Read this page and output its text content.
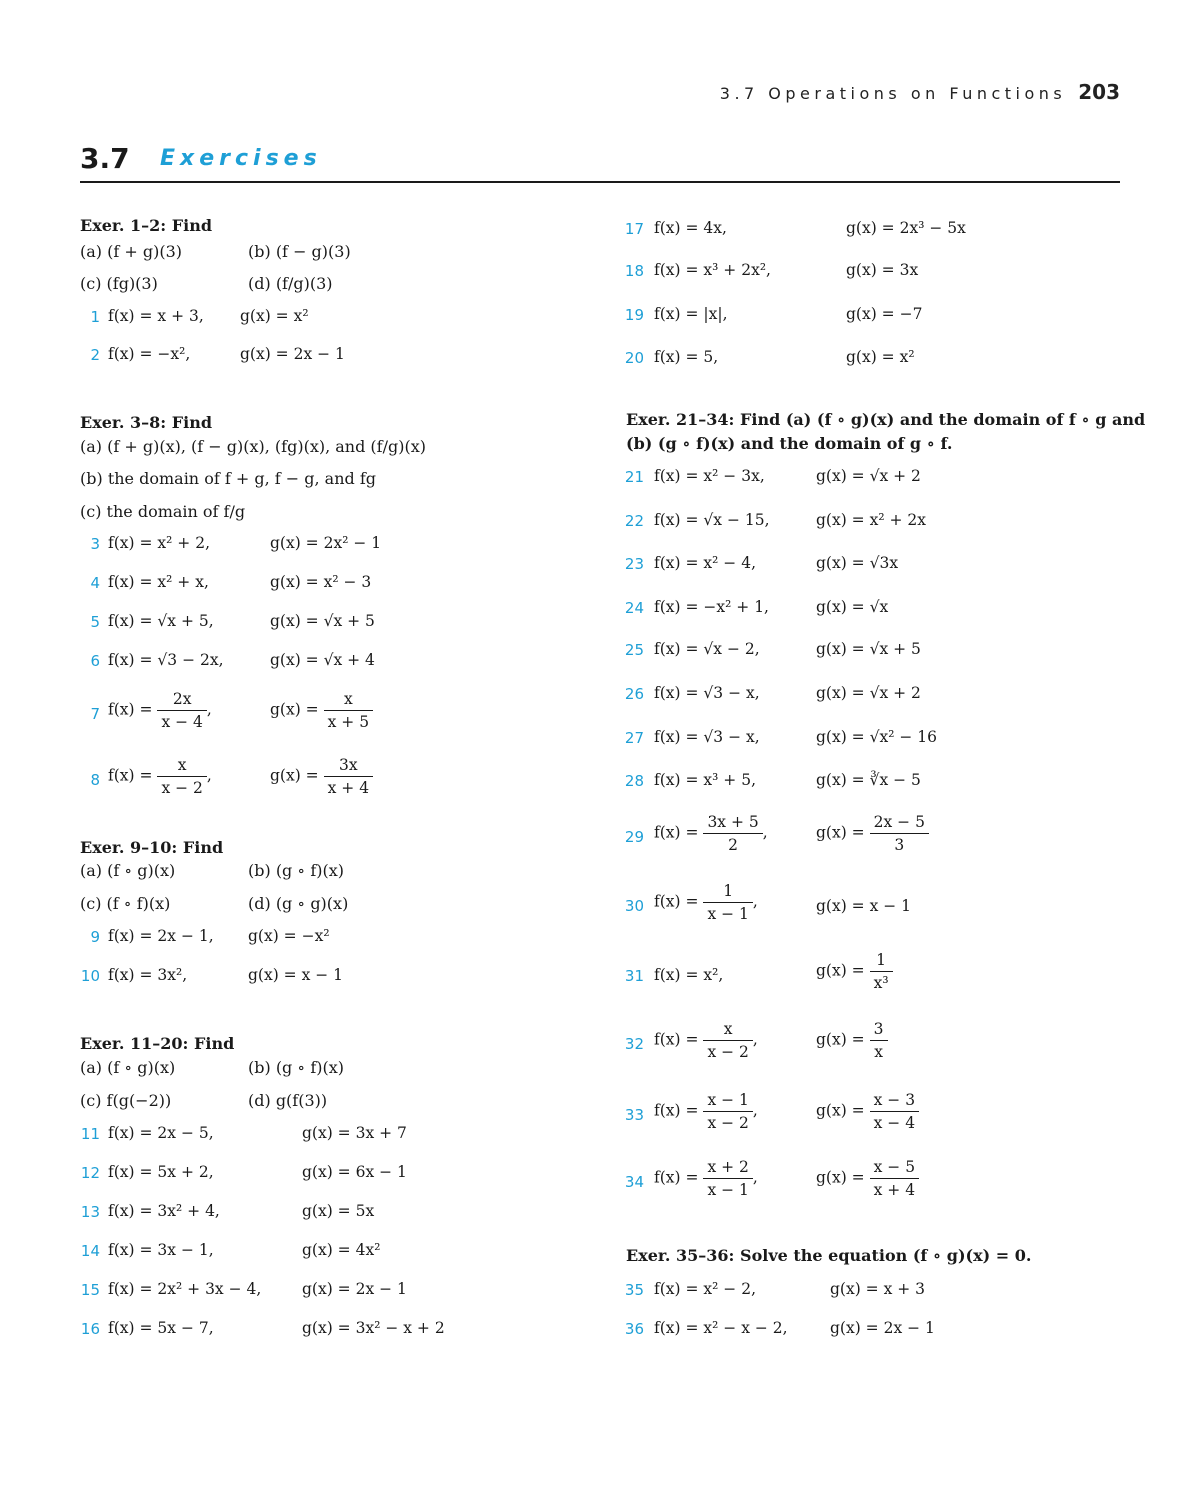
3.7 Operations on Functions 203
3.7 Exercises
Exer. 1–2: Find
(a) (f + g)(3)	(b) (f − g)(3)
(c) (fg)(3)	(d) (f/g)(3)
1 f(x) = x + 3, g(x) = x²
2 f(x) = −x²,	g(x) = 2x − 1
Exer. 3–8: Find
(a) (f + g)(x), (f − g)(x), (fg)(x), and (f/g)(x)
(b) the domain of f + g, f − g, and fg
(c) the domain of f/g
3 f(x) = x² + 2,	g(x) = 2x² − 1
4 f(x) = x² + x,	g(x) = x² − 3
5 f(x) = √x + 5,	g(x) = √x + 5
6 f(x) = √3 − 2x,	g(x) = √x + 4
7 $f(x) = \frac{2x}{x - 4}$ ,	$g(x) = \frac{x}{x + 5}$
8 $f(x) = \frac{x}{x - 2}$ ,	$g(x) = \frac{3x}{x + 4}$
Exer. 9–10: Find
(a) (f ∘ g)(x)	(b) (g ∘ f)(x)
(c) (f ∘ f)(x)	(d) (g ∘ g)(x)
9 f(x) = 2x − 1, g(x) = −x²
10 f(x) = 3x²,	g(x) = x − 1
Exer. 11–20: Find
(a) (f ∘ g)(x)	(b) (g ∘ f)(x)
(c) f(g(−2))	(d) g(f(3))
11 f(x) = 2x − 5,	g(x) = 3x + 7
12 f(x) = 5x + 2,	g(x) = 6x − 1
13 f(x) = 3x² + 4,	g(x) = 5x
14 f(x) = 3x − 1,	g(x) = 4x²
15 f(x) = 2x² + 3x − 4,	g(x) = 2x − 1
16 f(x) = 5x − 7,	g(x) = 3x² − x + 2
17 f(x) = 4x,	g(x) = 2x³ − 5x
18 f(x) = x³ + 2x²,	g(x) = 3x
19 f(x) = |x|,	g(x) = −7
20 f(x) = 5,	g(x) = x²
Exer. 21–34: Find (a) (f ∘ g)(x) and the domain of f ∘ g and
(b) (g ∘ f)(x) and the domain of g ∘ f.
21 f(x) = x² − 3x,	g(x) = √x + 2
22 f(x) = √x − 15,	g(x) = x² + 2x
23 f(x) = x² − 4,	g(x) = √3x
24 f(x) = −x² + 1,	g(x) = √x
25 f(x) = √x − 2,	g(x) = √x + 5
26 f(x) = √3 − x,	g(x) = √x + 2
27 f(x) = √3 − x,	g(x) = √x² − 16
28 f(x) = x³ + 5,	g(x) = ∛x − 5
29 $f(x) = \frac{3x + 5}{2}$ ,	$g(x) = \frac{2x - 5}{3}$
30 $f(x) = \frac{1}{x - 1}$ ,	g(x) = x − 1
31 f(x) = x²,	$g(x) = \frac{1}{\text{x³}}$
32 $f(x) = \frac{x}{x - 2}$ ,	$g(x) = \frac{3}{x}$
33 $f(x) = \frac{x - 1}{x - 2}$ ,	$g(x) = \frac{x - 3}{x - 4}$
34 $f(x) = \frac{x + 2}{x - 1}$ ,	$g(x) = \frac{x - 5}{x + 4}$
Exer. 35–36: Solve the equation (f ∘ g)(x) = 0.
35 f(x) = x² − 2,	g(x) = x + 3
36 f(x) = x² − x − 2,	g(x) = 2x − 1
